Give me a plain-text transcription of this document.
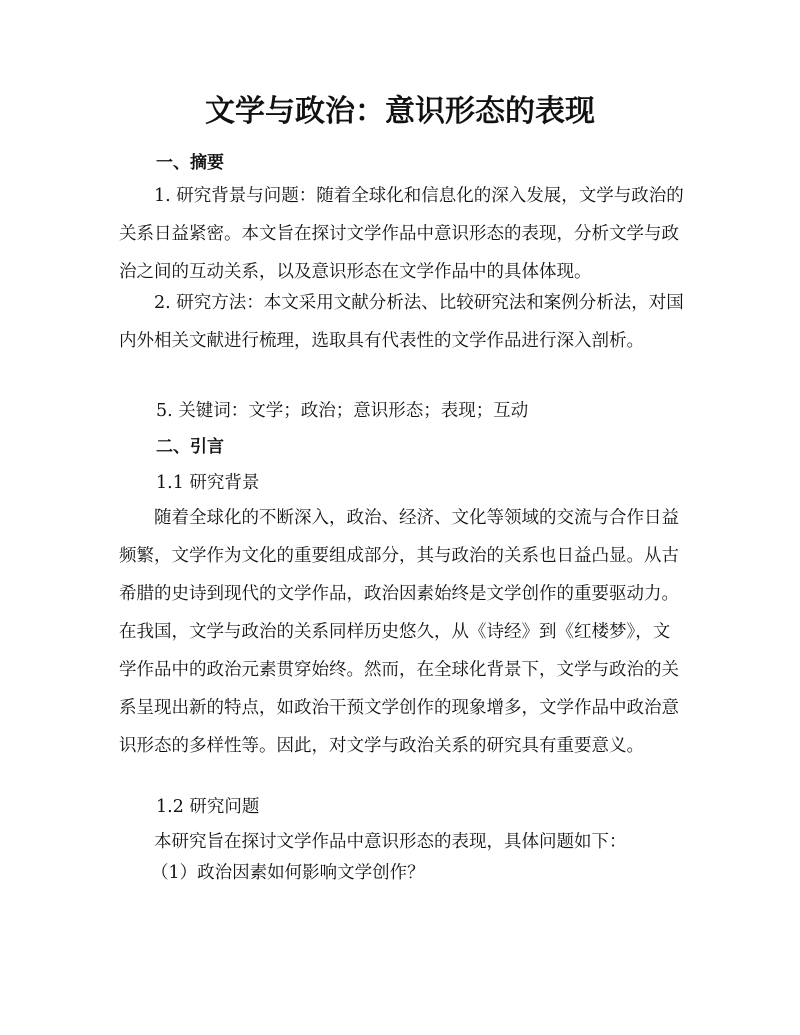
文学与政治：意识形态的表现
一、摘要
1. 研究背景与问题：随着全球化和信息化的深入发展，文学与政治的关系日益紧密。本文旨在探讨文学作品中意识形态的表现，分析文学与政治之间的互动关系，以及意识形态在文学作品中的具体体现。
2. 研究方法：本文采用文献分析法、比较研究法和案例分析法，对国内外相关文献进行梳理，选取具有代表性的文学作品进行深入剖析。
5. 关键词：文学；政治；意识形态；表现；互动
二、引言
1.1 研究背景
随着全球化的不断深入，政治、经济、文化等领域的交流与合作日益频繁，文学作为文化的重要组成部分，其与政治的关系也日益凸显。从古希腊的史诗到现代的文学作品，政治因素始终是文学创作的重要驱动力。在我国，文学与政治的关系同样历史悠久，从《诗经》到《红楼梦》，文学作品中的政治元素贯穿始终。然而，在全球化背景下，文学与政治的关系呈现出新的特点，如政治干预文学创作的现象增多，文学作品中政治意识形态的多样性等。因此，对文学与政治关系的研究具有重要意义。
1.2 研究问题
本研究旨在探讨文学作品中意识形态的表现，具体问题如下：
（1）政治因素如何影响文学创作？
